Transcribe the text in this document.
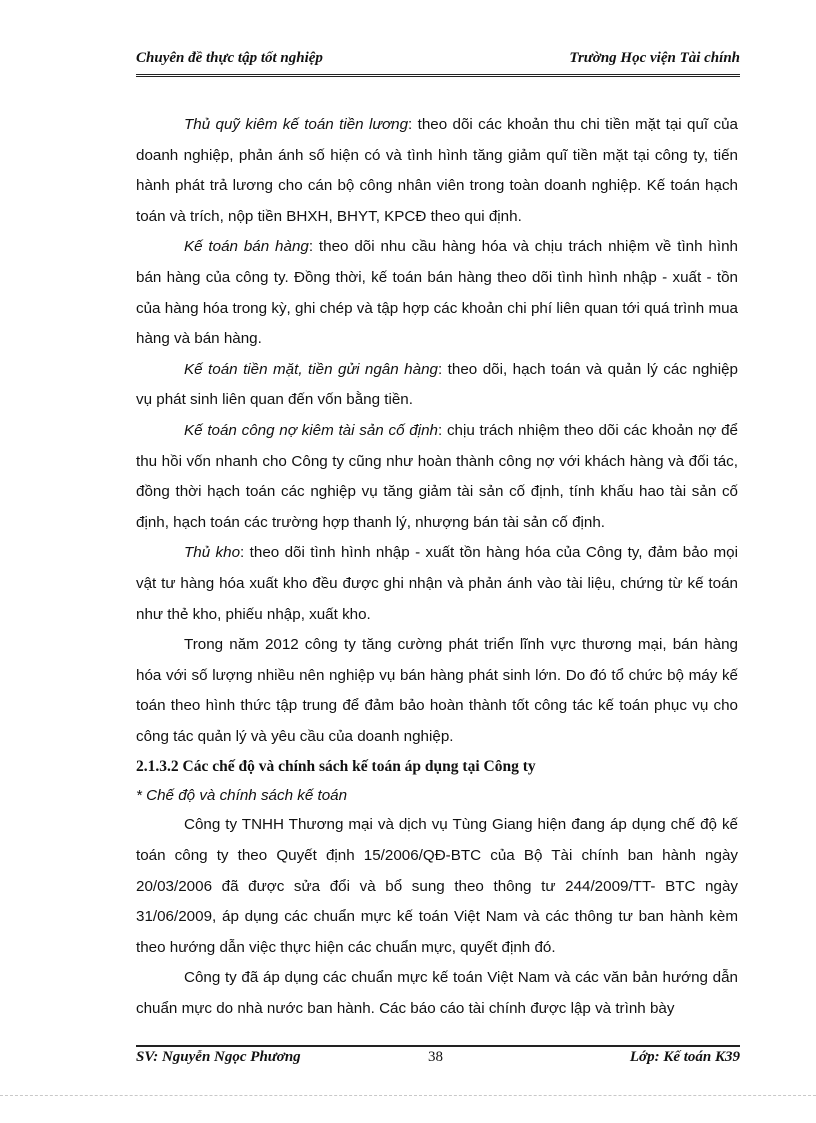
Chuyên đề thực tập tốt nghiệp	Trường Học viện Tài chính

Thủ quỹ kiêm kế toán tiền lương: theo dõi các khoản thu chi tiền mặt tại quĩ của doanh nghiệp, phản ánh số hiện có và tình hình tăng giảm quĩ tiền mặt tại công ty, tiến hành phát trả lương cho cán bộ công nhân viên trong toàn doanh nghiệp. Kế toán hạch toán và trích, nộp tiền BHXH, BHYT, KPCĐ theo qui định.

Kế toán bán hàng: theo dõi nhu cầu hàng hóa và chịu trách nhiệm về tình hình bán hàng của công ty. Đồng thời, kế toán bán hàng theo dõi tình hình nhập - xuất - tồn của hàng hóa trong kỳ, ghi chép và tập hợp các khoản chi phí liên quan tới quá trình mua hàng và bán hàng.

Kế toán tiền mặt, tiền gửi ngân hàng: theo dõi, hạch toán và quản lý các nghiệp vụ phát sinh liên quan đến vốn bằng tiền.

Kế toán công nợ kiêm tài sản cố định: chịu trách nhiệm theo dõi các khoản nợ để thu hồi vốn nhanh cho Công ty cũng như hoàn thành công nợ với khách hàng và đối tác, đồng thời hạch toán các nghiệp vụ tăng giảm tài sản cố định, tính khấu hao tài sản cố định, hạch toán các trường hợp thanh lý, nhượng bán tài sản cố định.

Thủ kho: theo dõi tình hình nhập - xuất tồn hàng hóa của Công ty, đảm bảo mọi vật tư hàng hóa xuất kho đều được ghi nhận và phản ánh vào tài liệu, chứng từ kế toán như thẻ kho, phiếu nhập, xuất kho.

Trong năm 2012 công ty tăng cường phát triển lĩnh vực thương mại, bán hàng hóa với số lượng nhiều nên nghiệp vụ bán hàng phát sinh lớn. Do đó tổ chức bộ máy kế toán theo hình thức tập trung để đảm bảo hoàn thành tốt công tác kế toán phục vụ cho công tác quản lý và yêu cầu của doanh nghiệp.

2.1.3.2 Các chế độ và chính sách kế toán áp dụng tại Công ty
* Chế độ và chính sách kế toán

Công ty TNHH Thương mại và dịch vụ Tùng Giang hiện đang áp dụng chế độ kế toán công ty theo Quyết định 15/2006/QĐ-BTC của Bộ Tài chính ban hành ngày 20/03/2006 đã được sửa đổi và bổ sung theo thông tư 244/2009/TT- BTC ngày 31/06/2009, áp dụng các chuẩn mực kế toán Việt Nam và các thông tư ban hành kèm theo hướng dẫn việc thực hiện các chuẩn mực, quyết định đó.

Công ty đã áp dụng các chuẩn mực kế toán Việt Nam và các văn bản hướng dẫn chuẩn mực do nhà nước ban hành. Các báo cáo tài chính được lập và trình bày

SV: Nguyễn Ngọc Phương	38	Lớp: Kế toán K39
